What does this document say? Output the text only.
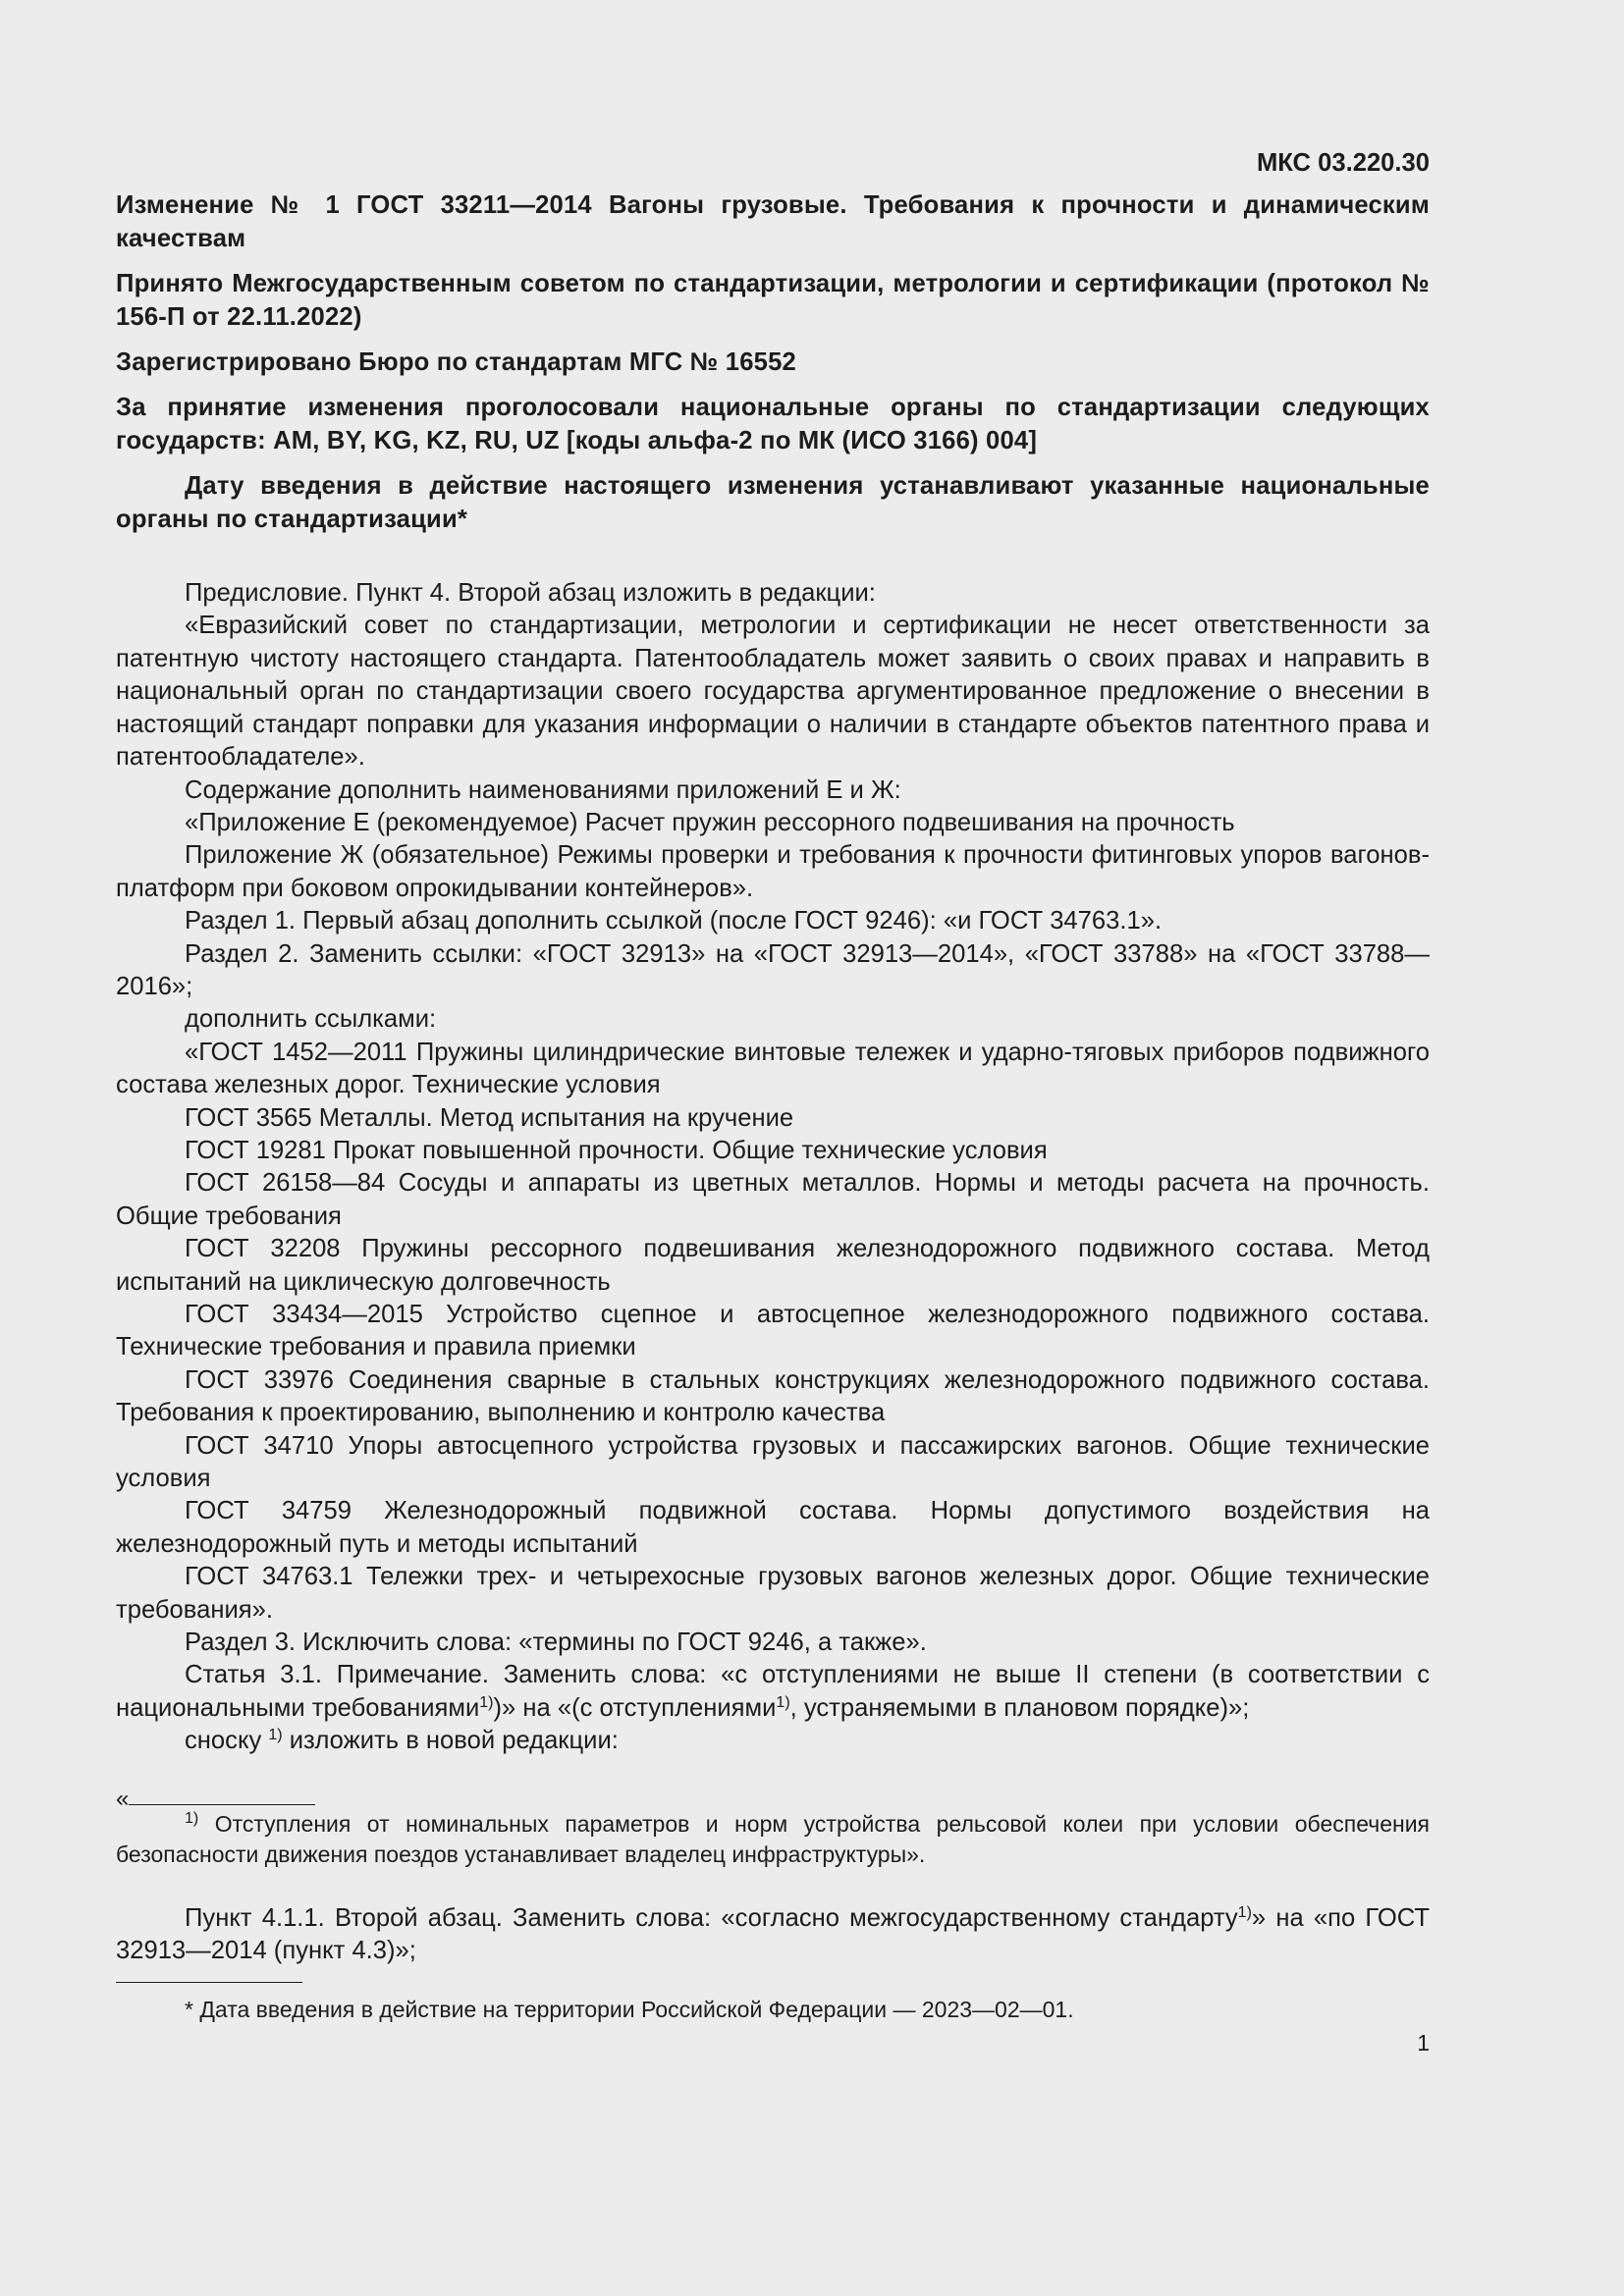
МКС 03.220.30

Изменение № 1 ГОСТ 33211—2014 Вагоны грузовые. Требования к прочности и динамическим качествам

Принято Межгосударственным советом по стандартизации, метрологии и сертификации (протокол № 156-П от 22.11.2022)

Зарегистрировано Бюро по стандартам МГС № 16552

За принятие изменения проголосовали национальные органы по стандартизации следующих государств: AM, BY, KG, KZ, RU, UZ [коды альфа-2 по МК (ИСО 3166) 004]

Дату введения в действие настоящего изменения устанавливают указанные национальные органы по стандартизации*

Предисловие. Пункт 4. Второй абзац изложить в редакции:

«Евразийский совет по стандартизации, метрологии и сертификации не несет ответственности за патентную чистоту настоящего стандарта. Патентообладатель может заявить о своих правах и направить в национальный орган по стандартизации своего государства аргументированное предложение о внесении в настоящий стандарт поправки для указания информации о наличии в стандарте объектов патентного права и патентообладателе».

Содержание дополнить наименованиями приложений Е и Ж:

«Приложение Е (рекомендуемое) Расчет пружин рессорного подвешивания на прочность

Приложение Ж (обязательное) Режимы проверки и требования к прочности фитинговых упоров вагонов-платформ при боковом опрокидывании контейнеров».

Раздел 1. Первый абзац дополнить ссылкой (после ГОСТ 9246): «и ГОСТ 34763.1».

Раздел 2. Заменить ссылки: «ГОСТ 32913» на «ГОСТ 32913—2014», «ГОСТ 33788» на «ГОСТ 33788—2016»;

дополнить ссылками:

«ГОСТ 1452—2011 Пружины цилиндрические винтовые тележек и ударно-тяговых приборов подвижного состава железных дорог. Технические условия

ГОСТ 3565 Металлы. Метод испытания на кручение

ГОСТ 19281 Прокат повышенной прочности. Общие технические условия

ГОСТ 26158—84 Сосуды и аппараты из цветных металлов. Нормы и методы расчета на прочность. Общие требования

ГОСТ 32208 Пружины рессорного подвешивания железнодорожного подвижного состава. Метод испытаний на циклическую долговечность

ГОСТ 33434—2015 Устройство сцепное и автосцепное железнодорожного подвижного состава. Технические требования и правила приемки

ГОСТ 33976 Соединения сварные в стальных конструкциях железнодорожного подвижного состава. Требования к проектированию, выполнению и контролю качества

ГОСТ 34710 Упоры автосцепного устройства грузовых и пассажирских вагонов. Общие технические условия

ГОСТ 34759 Железнодорожный подвижной состава. Нормы допустимого воздействия на железнодорожный путь и методы испытаний

ГОСТ 34763.1 Тележки трех- и четырехосные грузовых вагонов железных дорог. Общие технические требования».

Раздел 3. Исключить слова: «термины по ГОСТ 9246, а также».

Статья 3.1. Примечание. Заменить слова: «с отступлениями не выше II степени (в соответствии с национальными требованиями$^{1)}$)» на «(с отступлениями$^{1)}$, устраняемыми в плановом порядке)»;

сноску $^{1)}$ изложить в новой редакции:

«

$^{1)}$ Отступления от номинальных параметров и норм устройства рельсовой колеи при условии обеспечения безопасности движения поездов устанавливает владелец инфраструктуры».

Пункт 4.1.1. Второй абзац. Заменить слова: «согласно межгосударственному стандарту$^{1)}$» на «по ГОСТ 32913—2014 (пункт 4.3)»;

* Дата введения в действие на территории Российской Федерации — 2023—02—01.

1
